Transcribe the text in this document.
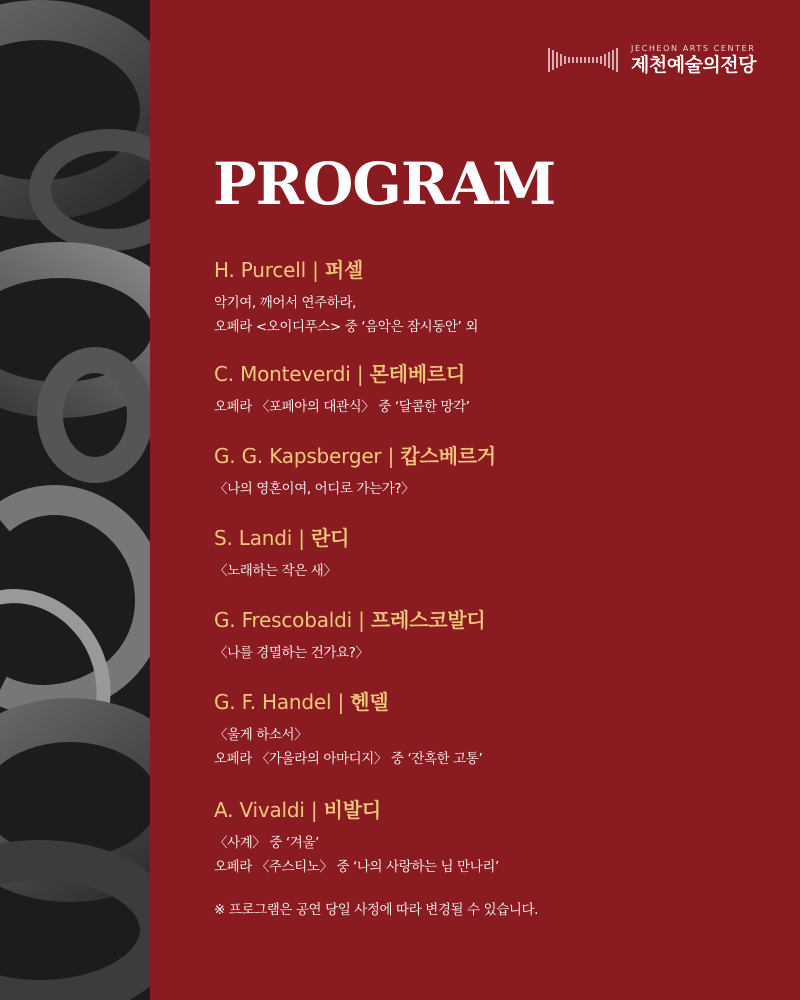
JECHEON ARTS CENTER
제천예술의전당
PROGRAM
H. Purcell | 퍼셀
악기여, 깨어서 연주하라,
오페라 <오이디푸스> 중 ‘음악은 잠시동안’ 외
C. Monteverdi | 몬테베르디
오페라 〈포페아의 대관식〉 중 ‘달콤한 망각’
G. G. Kapsberger | 캅스베르거
〈나의 영혼이여, 어디로 가는가?〉
S. Landi | 란디
〈노래하는 작은 새〉
G. Frescobaldi | 프레스코발디
〈나를 경멸하는 건가요?〉
G. F. Handel | 헨델
〈울게 하소서〉
오페라 〈가울라의 아마디지〉 중 ‘잔혹한 고통’
A. Vivaldi | 비발디
〈사계〉 중 ‘겨울’
오페라 〈주스티노〉 중 ‘나의 사랑하는 님 만나리’

※ 프로그램은 공연 당일 사정에 따라 변경될 수 있습니다.
